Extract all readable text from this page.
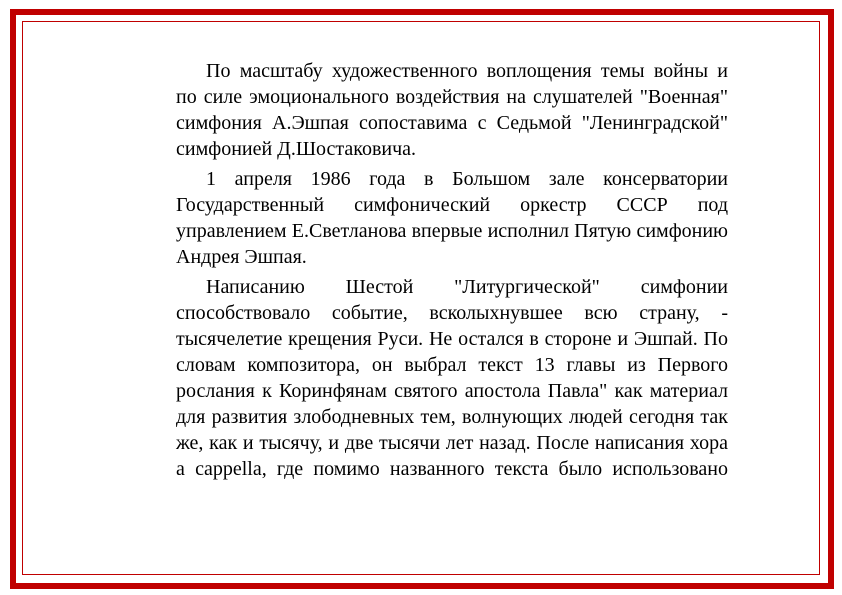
По масштабу художественного воплощения темы войны и по силе эмоционального воздействия на слушателей "Военная" симфония А.Эшпая сопоставима с Седьмой "Ленинградской" симфонией Д.Шостаковича.

1 апреля 1986 года в Большом зале консерватории Государственный симфонический оркестр СССР под управлением Е.Светланова впервые исполнил Пятую симфонию Андрея Эшпая.

Написанию Шестой "Литургической" симфонии способствовало событие, всколыхнувшее всю страну, - тысячелетие крещения Руси. Не остался в стороне и Эшпай. По словам композитора, он выбрал текст 13 главы из Первого рослания к Коринфянам святого апостола Павла" как материал для развития злободневных тем, волнующих людей сегодня так же, как и тысячу, и две тысячи лет назад. После написания хора a cappella, где помимо названного текста было использовано
